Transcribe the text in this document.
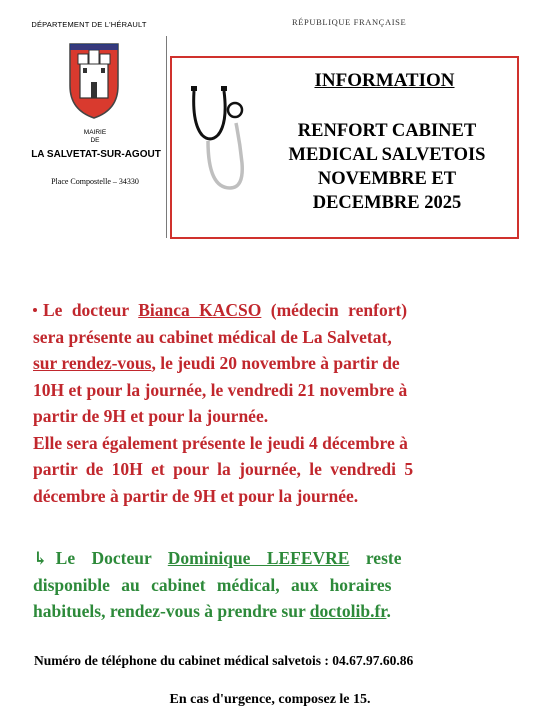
DÉPARTEMENT DE L'HÉRAULT	RÉPUBLIQUE FRANÇAISE
MAIRIE
DE
LA SALVETAT-SUR-AGOUT
Place Compostelle – 34330
INFORMATION
RENFORT CABINET
MEDICAL SALVETOIS
NOVEMBRE ET
DECEMBRE 2025
Le docteur Bianca KACSO (médecin renfort)
sera présente au cabinet médical de La Salvetat,
sur rendez-vous, le jeudi 20 novembre à partir de
10H et pour la journée, le vendredi 21 novembre à
partir de 9H et pour la journée.
Elle sera également présente le jeudi 4 décembre à
partir de 10H et pour la journée, le vendredi 5
décembre à partir de 9H et pour la journée.
↳ Le Docteur Dominique LEFEVRE reste
disponible au cabinet médical, aux horaires
habituels, rendez-vous à prendre sur doctolib.fr.
Numéro de téléphone du cabinet médical salvetois : 04.67.97.60.86
En cas d'urgence, composez le 15.
